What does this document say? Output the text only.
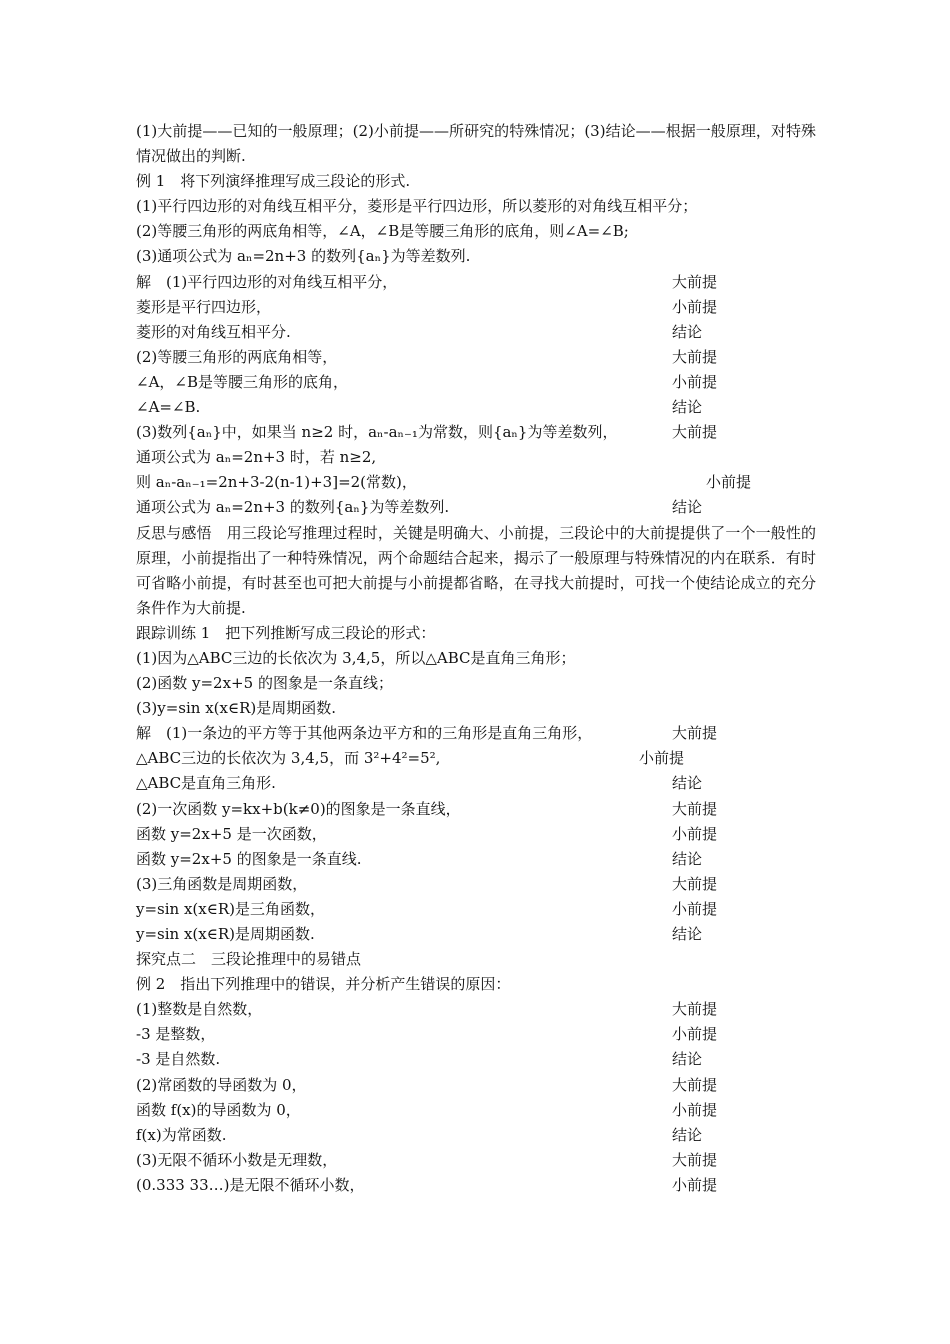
(1)大前提——已知的一般原理；(2)小前提——所研究的特殊情况；(3)结论——根据一般原理，对特殊情况做出的判断.
例 1　将下列演绎推理写成三段论的形式.
(1)平行四边形的对角线互相平分，菱形是平行四边形，所以菱形的对角线互相平分；
(2)等腰三角形的两底角相等，∠A，∠B是等腰三角形的底角，则∠A=∠B;
(3)通项公式为 aₙ=2n+3 的数列{aₙ}为等差数列.
解　(1)平行四边形的对角线互相平分，	大前提
菱形是平行四边形，	小前提
菱形的对角线互相平分.	结论
(2)等腰三角形的两底角相等，	大前提
∠A，∠B是等腰三角形的底角，	小前提
∠A=∠B.	结论
(3)数列{aₙ}中，如果当 n≥2 时，aₙ-aₙ₋₁为常数，则{aₙ}为等差数列，	大前提
通项公式为 aₙ=2n+3 时，若 n≥2,
则 aₙ-aₙ₋₁=2n+3-2(n-1)+3]=2(常数)，	小前提
通项公式为 aₙ=2n+3 的数列{aₙ}为等差数列.	结论
反思与感悟　用三段论写推理过程时，关键是明确大、小前提，三段论中的大前提提供了一个一般性的原理，小前提指出了一种特殊情况，两个命题结合起来，揭示了一般原理与特殊情况的内在联系．有时可省略小前提，有时甚至也可把大前提与小前提都省略，在寻找大前提时，可找一个使结论成立的充分条件作为大前提.
跟踪训练 1　把下列推断写成三段论的形式：
(1)因为△ABC三边的长依次为 3,4,5，所以△ABC是直角三角形；
(2)函数 y=2x+5 的图象是一条直线；
(3)y=sin x(x∈R)是周期函数.
解　(1)一条边的平方等于其他两条边平方和的三角形是直角三角形，	大前提
△ABC三边的长依次为 3,4,5，而 3²+4²=5²,	小前提
△ABC是直角三角形.	结论
(2)一次函数 y=kx+b(k≠0)的图象是一条直线，	大前提
函数 y=2x+5 是一次函数，	小前提
函数 y=2x+5 的图象是一条直线.	结论
(3)三角函数是周期函数，	大前提
y=sin x(x∈R)是三角函数，	小前提
y=sin x(x∈R)是周期函数.	结论
探究点二　三段论推理中的易错点
例 2　指出下列推理中的错误，并分析产生错误的原因：
(1)整数是自然数，	大前提
-3 是整数，	小前提
-3 是自然数.	结论
(2)常函数的导函数为 0，	大前提
函数 f(x)的导函数为 0，	小前提
f(x)为常函数.	结论
(3)无限不循环小数是无理数，	大前提
(0.333 33…)是无限不循环小数，	小前提
